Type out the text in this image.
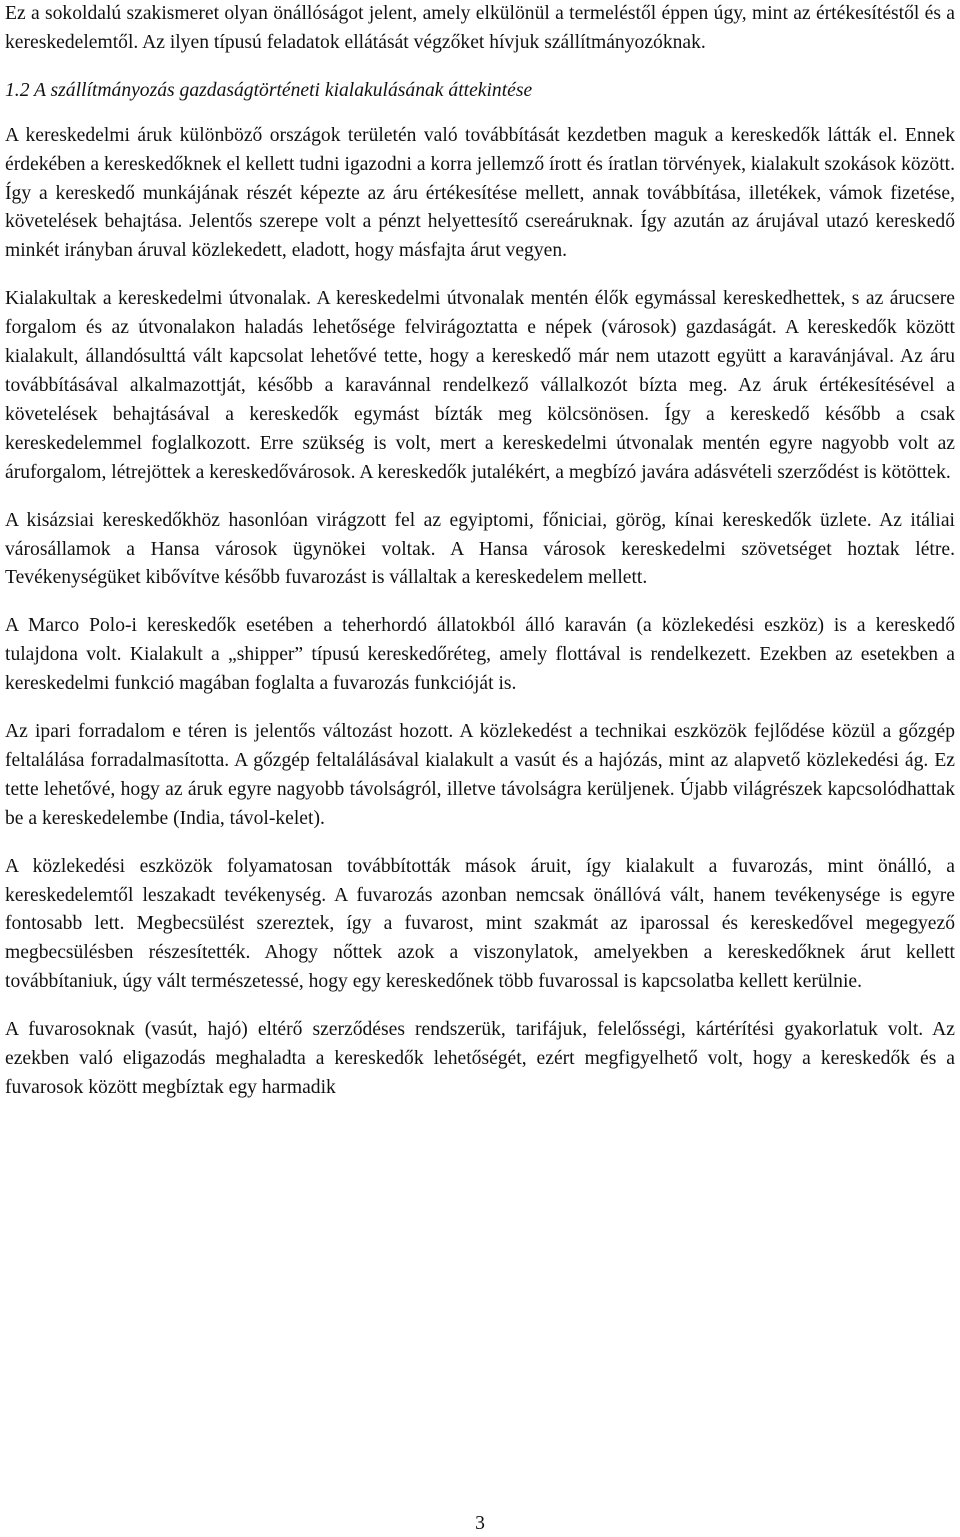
Ez a sokoldalú szakismeret olyan önállóságot jelent, amely elkülönül a termeléstől éppen úgy, mint az értékesítéstől és a kereskedelemtől. Az ilyen típusú feladatok ellátását végzőket hívjuk szállítmányozóknak.

1.2 A szállítmányozás gazdaságtörténeti kialakulásának áttekintése

A kereskedelmi áruk különböző országok területén való továbbítását kezdetben maguk a kereskedők látták el. Ennek érdekében a kereskedőknek el kellett tudni igazodni a korra jellemző írott és íratlan törvények, kialakult szokások között. Így a kereskedő munkájának részét képezte az áru értékesítése mellett, annak továbbítása, illetékek, vámok fizetése, követelések behajtása. Jelentős szerepe volt a pénzt helyettesítő csereáruknak. Így azután az árujával utazó kereskedő minkét irányban áruval közlekedett, eladott, hogy másfajta árut vegyen.

Kialakultak a kereskedelmi útvonalak. A kereskedelmi útvonalak mentén élők egymással kereskedhettek, s az árucsere forgalom és az útvonalakon haladás lehetősége felvirágoztatta e népek (városok) gazdaságát. A kereskedők között kialakult, állandósulttá vált kapcsolat lehetővé tette, hogy a kereskedő már nem utazott együtt a karavánjával. Az áru továbbításával alkalmazottját, később a karavánnal rendelkező vállalkozót bízta meg. Az áruk értékesítésével a követelések behajtásával a kereskedők egymást bízták meg kölcsönösen. Így a kereskedő később a csak kereskedelemmel foglalkozott. Erre szükség is volt, mert a kereskedelmi útvonalak mentén egyre nagyobb volt az áruforgalom, létrejöttek a kereskedővárosok. A kereskedők jutalékért, a megbízó javára adásvételi szerződést is kötöttek.

A kisázsiai kereskedőkhöz hasonlóan virágzott fel az egyiptomi, főniciai, görög, kínai kereskedők üzlete. Az itáliai városállamok a Hansa városok ügynökei voltak. A Hansa városok kereskedelmi szövetséget hoztak létre. Tevékenységüket kibővítve később fuvarozást is vállaltak a kereskedelem mellett.

A Marco Polo-i kereskedők esetében a teherhordó állatokból álló karaván (a közlekedési eszköz) is a kereskedő tulajdona volt. Kialakult a „shipper” típusú kereskedőréteg, amely flottával is rendelkezett. Ezekben az esetekben a kereskedelmi funkció magában foglalta a fuvarozás funkcióját is.

Az ipari forradalom e téren is jelentős változást hozott. A közlekedést a technikai eszközök fejlődése közül a gőzgép feltalálása forradalmasította. A gőzgép feltalálásával kialakult a vasút és a hajózás, mint az alapvető közlekedési ág. Ez tette lehetővé, hogy az áruk egyre nagyobb távolságról, illetve távolságra kerüljenek. Újabb világrészek kapcsolódhattak be a kereskedelembe (India, távol-kelet).

A közlekedési eszközök folyamatosan továbbították mások áruit, így kialakult a fuvarozás, mint önálló, a kereskedelemtől leszakadt tevékenység. A fuvarozás azonban nemcsak önállóvá vált, hanem tevékenysége is egyre fontosabb lett. Megbecsülést szereztek, így a fuvarost, mint szakmát az iparossal és kereskedővel megegyező megbecsülésben részesítették. Ahogy nőttek azok a viszonylatok, amelyekben a kereskedőknek árut kellett továbbítaniuk, úgy vált természetessé, hogy egy kereskedőnek több fuvarossal is kapcsolatba kellett kerülnie.

A fuvarosoknak (vasút, hajó) eltérő szerződéses rendszerük, tarifájuk, felelősségi, kártérítési gyakorlatuk volt. Az ezekben való eligazodás meghaladta a kereskedők lehetőségét, ezért megfigyelhető volt, hogy a kereskedők és a fuvarosok között megbíztak egy harmadik

3
